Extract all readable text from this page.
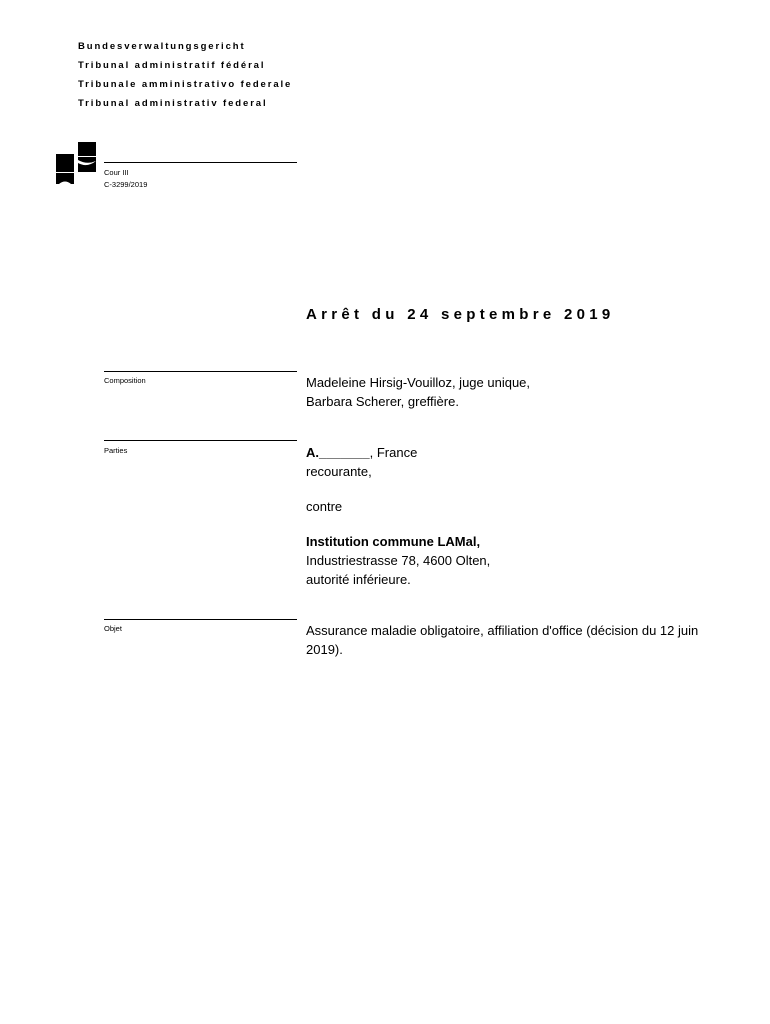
Bundesverwaltungsgericht
Tribunal administratif fédéral
Tribunale amministrativo federale
Tribunal administrativ federal
Cour III
C-3299/2019
Arrêt du 24 septembre 2019
Composition	Madeleine Hirsig-Vouilloz, juge unique,
Barbara Scherer, greffière.
Parties	A._______, France
recourante,
contre
Institution commune LAMal,
Industriestrasse 78, 4600 Olten,
autorité inférieure.
Objet	Assurance maladie obligatoire, affiliation d'office (décision du 12 juin 2019).
